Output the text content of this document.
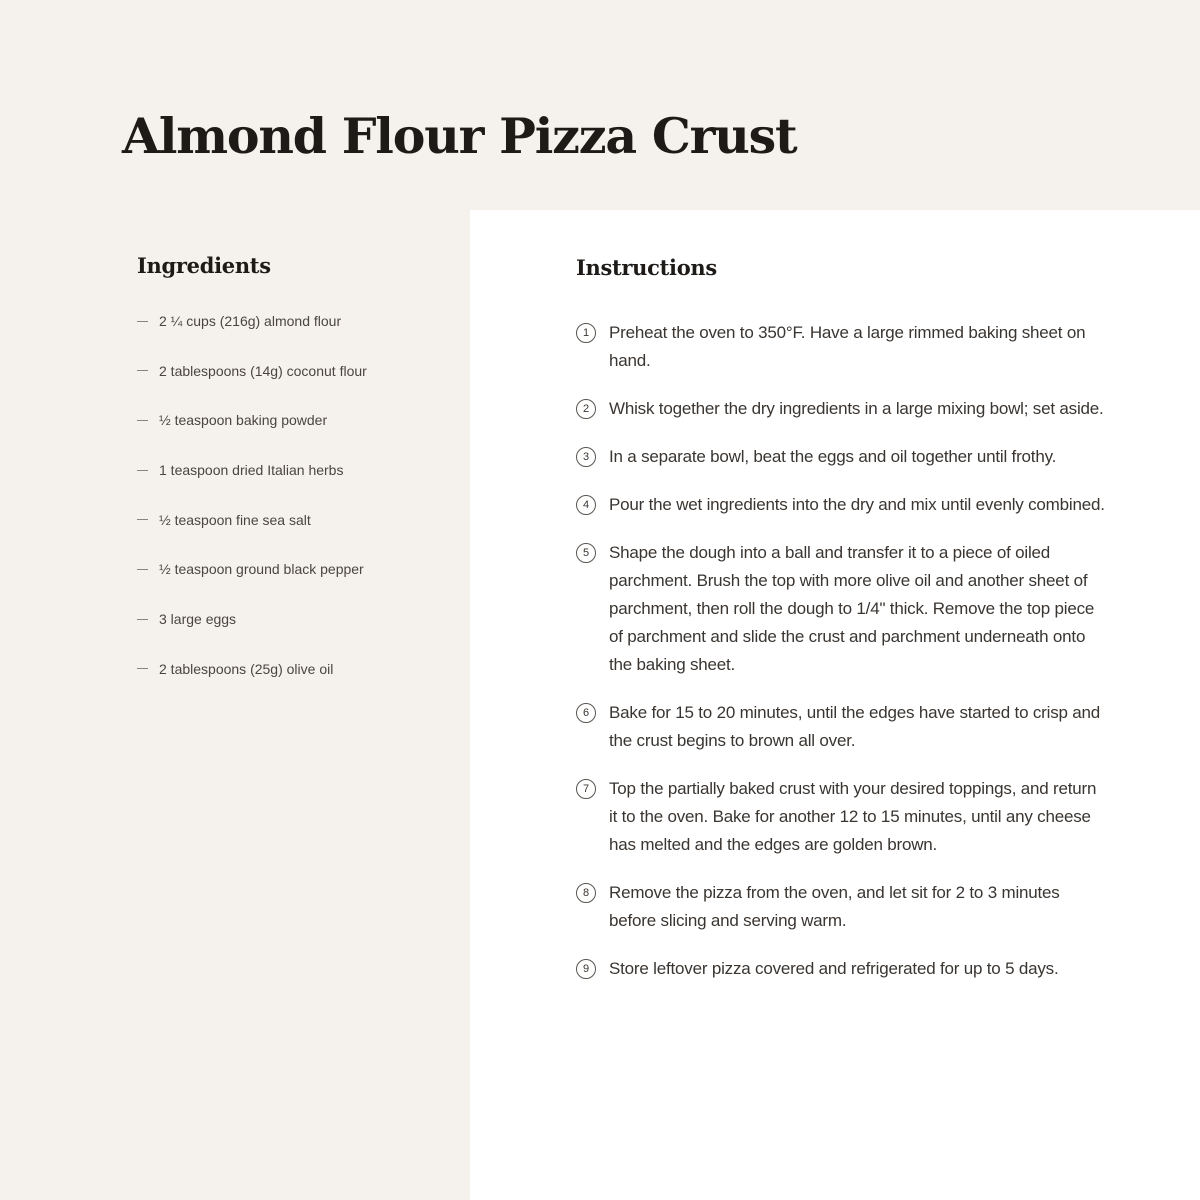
Almond Flour Pizza Crust
Ingredients
2 ¼ cups (216g) almond flour
2 tablespoons (14g) coconut flour
½ teaspoon baking powder
1 teaspoon dried Italian herbs
½ teaspoon fine sea salt
½ teaspoon ground black pepper
3 large eggs
2 tablespoons (25g) olive oil
Instructions
1	Preheat the oven to 350°F. Have a large rimmed baking sheet on hand.
2	Whisk together the dry ingredients in a large mixing bowl; set aside.
3	In a separate bowl, beat the eggs and oil together until frothy.
4	Pour the wet ingredients into the dry and mix until evenly combined.
5	Shape the dough into a ball and transfer it to a piece of oiled parchment. Brush the top with more olive oil and another sheet of parchment, then roll the dough to 1/4" thick. Remove the top piece of parchment and slide the crust and parchment underneath onto the baking sheet.
6	Bake for 15 to 20 minutes, until the edges have started to crisp and the crust begins to brown all over.
7	Top the partially baked crust with your desired toppings, and return it to the oven. Bake for another 12 to 15 minutes, until any cheese has melted and the edges are golden brown.
8	Remove the pizza from the oven, and let sit for 2 to 3 minutes before slicing and serving warm.
9	Store leftover pizza covered and refrigerated for up to 5 days.
